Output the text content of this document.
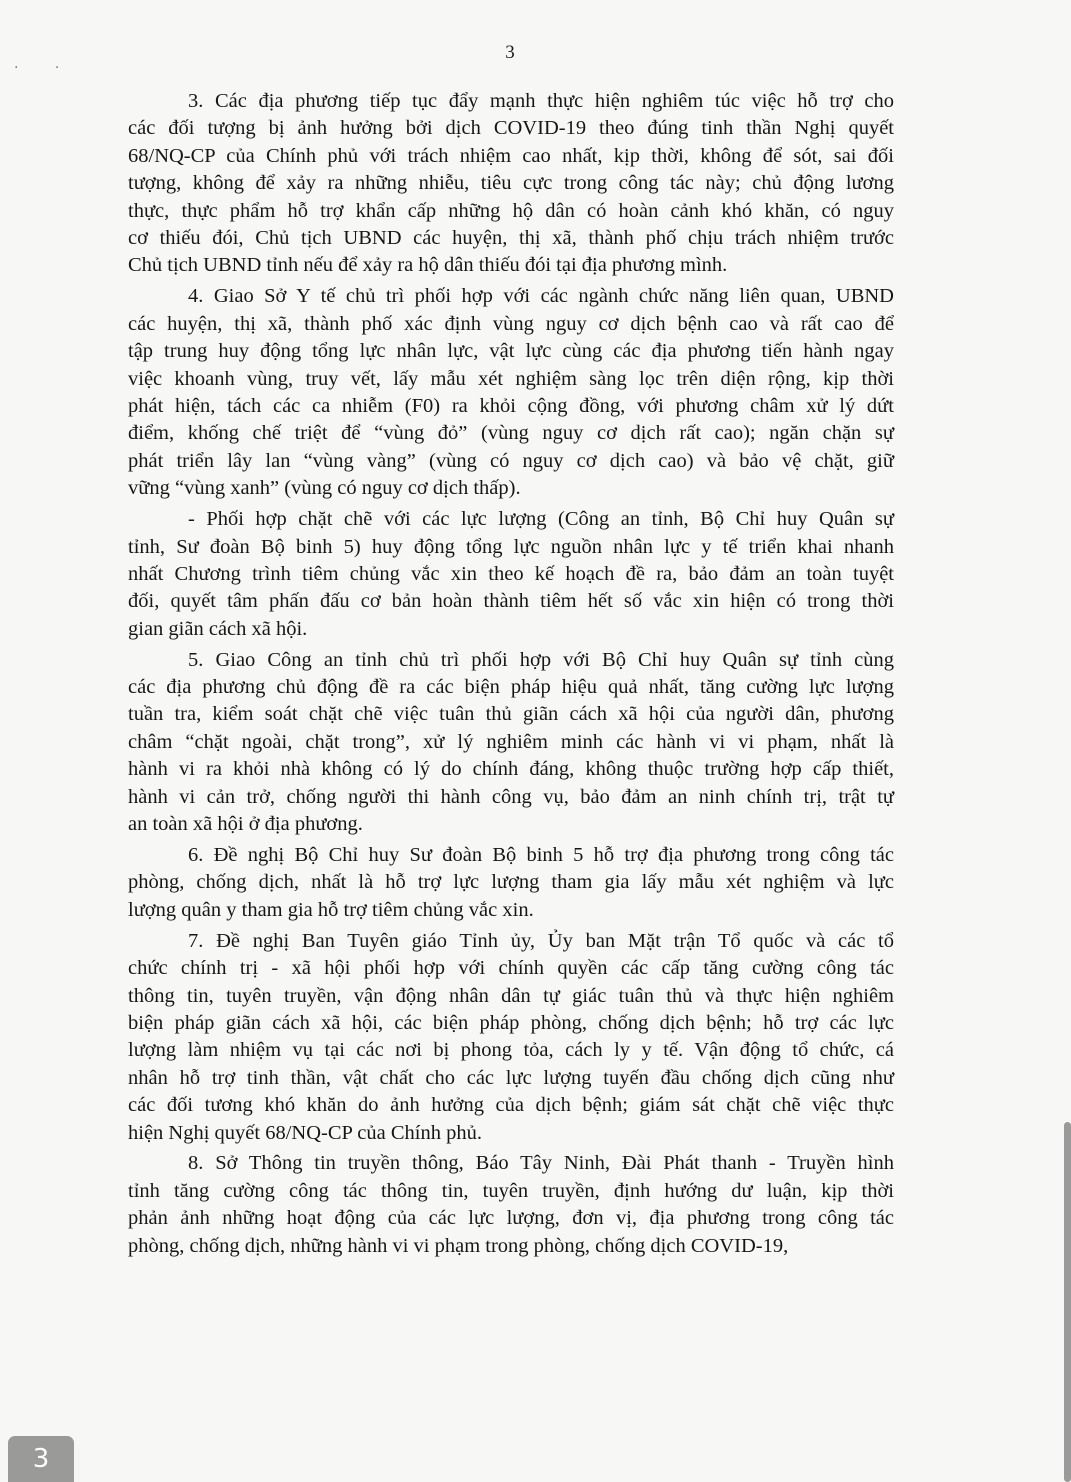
· ·
3
3. Các địa phương tiếp tục đẩy mạnh thực hiện nghiêm túc việc hỗ trợ cho
các đối tượng bị ảnh hưởng bởi dịch COVID-19 theo đúng tinh thần Nghị quyết
68/NQ-CP của Chính phủ với trách nhiệm cao nhất, kịp thời, không để sót, sai đối
tượng, không để xảy ra những nhiễu, tiêu cực trong công tác này; chủ động lương
thực, thực phẩm hỗ trợ khẩn cấp những hộ dân có hoàn cảnh khó khăn, có nguy
cơ thiếu đói, Chủ tịch UBND các huyện, thị xã, thành phố chịu trách nhiệm trước
Chủ tịch UBND tỉnh nếu để xảy ra hộ dân thiếu đói tại địa phương mình.
4. Giao Sở Y tế chủ trì phối hợp với các ngành chức năng liên quan, UBND
các huyện, thị xã, thành phố xác định vùng nguy cơ dịch bệnh cao và rất cao để
tập trung huy động tổng lực nhân lực, vật lực cùng các địa phương tiến hành ngay
việc khoanh vùng, truy vết, lấy mẫu xét nghiệm sàng lọc trên diện rộng, kịp thời
phát hiện, tách các ca nhiễm (F0) ra khỏi cộng đồng, với phương châm xử lý dứt
điểm, khống chế triệt để “vùng đỏ” (vùng nguy cơ dịch rất cao); ngăn chặn sự
phát triển lây lan “vùng vàng” (vùng có nguy cơ dịch cao) và bảo vệ chặt, giữ
vững “vùng xanh” (vùng có nguy cơ dịch thấp).
- Phối hợp chặt chẽ với các lực lượng (Công an tỉnh, Bộ Chỉ huy Quân sự
tỉnh, Sư đoàn Bộ binh 5) huy động tổng lực nguồn nhân lực y tế triển khai nhanh
nhất Chương trình tiêm chủng vắc xin theo kế hoạch đề ra, bảo đảm an toàn tuyệt
đối, quyết tâm phấn đấu cơ bản hoàn thành tiêm hết số vắc xin hiện có trong thời
gian giãn cách xã hội.
5. Giao Công an tỉnh chủ trì phối hợp với Bộ Chỉ huy Quân sự tỉnh cùng
các địa phương chủ động đề ra các biện pháp hiệu quả nhất, tăng cường lực lượng
tuần tra, kiểm soát chặt chẽ việc tuân thủ giãn cách xã hội của người dân, phương
châm “chặt ngoài, chặt trong”, xử lý nghiêm minh các hành vi vi phạm, nhất là
hành vi ra khỏi nhà không có lý do chính đáng, không thuộc trường hợp cấp thiết,
hành vi cản trở, chống người thi hành công vụ, bảo đảm an ninh chính trị, trật tự
an toàn xã hội ở địa phương.
6. Đề nghị Bộ Chỉ huy Sư đoàn Bộ binh 5 hỗ trợ địa phương trong công tác
phòng, chống dịch, nhất là hỗ trợ lực lượng tham gia lấy mẫu xét nghiệm và lực
lượng quân y tham gia hỗ trợ tiêm chủng vắc xin.
7. Đề nghị Ban Tuyên giáo Tỉnh ủy, Ủy ban Mặt trận Tổ quốc và các tổ
chức chính trị - xã hội phối hợp với chính quyền các cấp tăng cường công tác
thông tin, tuyên truyền, vận động nhân dân tự giác tuân thủ và thực hiện nghiêm
biện pháp giãn cách xã hội, các biện pháp phòng, chống dịch bệnh; hỗ trợ các lực
lượng làm nhiệm vụ tại các nơi bị phong tỏa, cách ly y tế. Vận động tổ chức, cá
nhân hỗ trợ tinh thần, vật chất cho các lực lượng tuyến đầu chống dịch cũng như
các đối tương khó khăn do ảnh hưởng của dịch bệnh; giám sát chặt chẽ việc thực
hiện Nghị quyết 68/NQ-CP của Chính phủ.
8. Sở Thông tin truyền thông, Báo Tây Ninh, Đài Phát thanh - Truyền hình
tỉnh tăng cường công tác thông tin, tuyên truyền, định hướng dư luận, kịp thời
phản ảnh những hoạt động của các lực lượng, đơn vị, địa phương trong công tác
phòng, chống dịch, những hành vi vi phạm trong phòng, chống dịch COVID-19,
3
